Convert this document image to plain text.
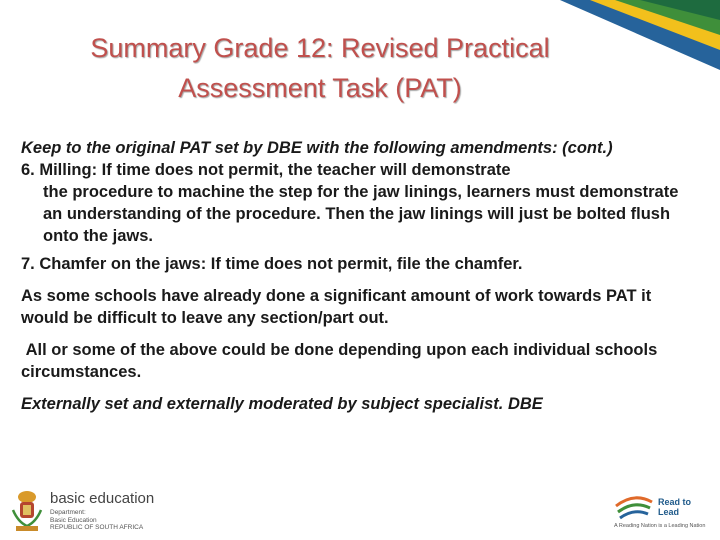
Summary Grade 12: Revised Practical
Assessment Task (PAT)

Keep to the original PAT set by DBE with the following amendments: (cont.)

6. Milling: If time does not permit, the teacher will demonstrate

the procedure to machine the step for the jaw linings, learners must demonstrate an understanding of the procedure. Then the jaw linings will just be bolted flush onto the jaws.

7. Chamfer on the jaws: If time does not permit, file the chamfer.

As some schools have already done a significant amount of work towards PAT it would be difficult to leave any section/part out.

All or some of the above could be done depending upon each individual schools circumstances.

Externally set and externally moderated by subject specialist. DBE

basic education
Department:
Basic Education
REPUBLIC OF SOUTH AFRICA
Read to Lead
A Reading Nation is a Leading Nation
